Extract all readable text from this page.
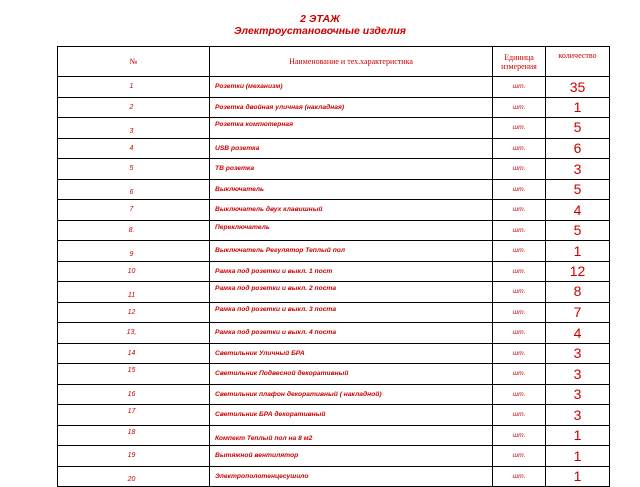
2 ЭТАЖ
Электроустановочные изделия
№	Наименование и тех.характеристика	Единица измерения	количество
1	Розетки (механизм)	шт.	35
2	Розетка двойная уличная (накладная)	шт.	1
3	Розетка компютерная	шт.	5
4	USB розетка	шт.	6
5	ТВ розетка	шт.	3
6	Выключатель	шт.	5
7	Выключатель двух клавишный	шт.	4
8.	Переключатель	шт.	5
9	Выключатель Регулятор Теплый пол	шт.	1
10	Рамка под розетки и выкл. 1 пост	шт.	12
11	Рамка под розетки и выкл. 2 поста	шт.	8
12	Рамка под розетки и выкл. 3 поста	шт.	7
13,	Рамка под розетки и выкл. 4 поста	шт.	4
14	Светильник Уличный БРА	шт.	3
15	Светильник Подвесной декоративный	шт.	3
16	Светильник плафон декоративный ( накладной)	шт.	3
17	Светильник БРА декоративный	шт.	3
18	Компект Теплый пол на 8 м2	шт.	1
19	Вытяжной вентилятор	шт.	1
20	Электрополотенцесушило	шт.	1
